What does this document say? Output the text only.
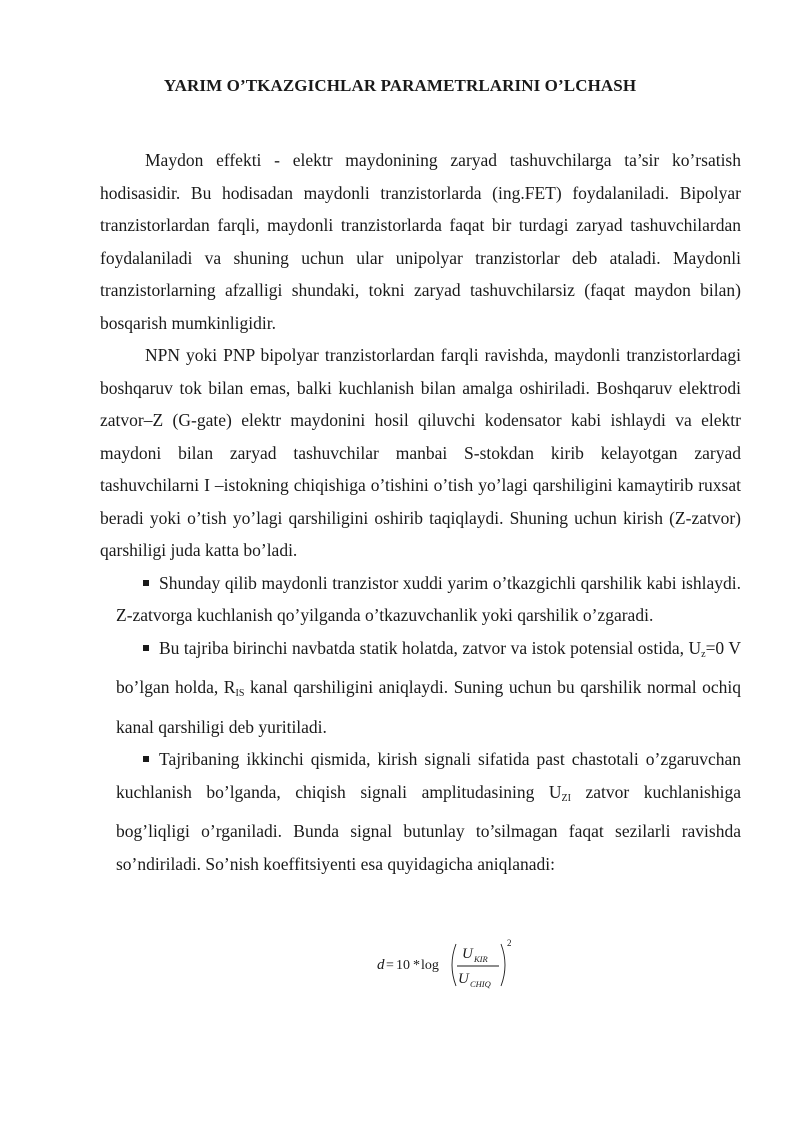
YARIM O’TKAZGICHLAR PARAMETRLARINI O’LCHASH

Maydon effekti - elektr maydonining zaryad tashuvchilarga ta’sir ko’rsatish hodisasidir. Bu hodisadan maydonli tranzistorlarda (ing.FET) foydalaniladi. Bipolyar tranzistorlardan farqli, maydonli tranzistorlarda faqat bir turdagi zaryad tashuvchilardan foydalaniladi va shuning uchun ular unipolyar tranzistorlar deb ataladi. Maydonli tranzistorlarning afzalligi shundaki, tokni zaryad tashuvchilarsiz (faqat maydon bilan) bosqarish mumkinligidir.

NPN yoki PNP bipolyar tranzistorlardan farqli ravishda, maydonli tranzistorlardagi boshqaruv tok bilan emas, balki kuchlanish bilan amalga oshiriladi. Boshqaruv elektrodi zatvor–Z (G-gate) elektr maydonini hosil qiluvchi kodensator kabi ishlaydi va elektr maydoni bilan zaryad tashuvchilar manbai S-stokdan kirib kelayotgan zaryad tashuvchilarni I –istokning chiqishiga o’tishini o’tish yo’lagi qarshiligini kamaytirib ruxsat beradi yoki o’tish yo’lagi qarshiligini oshirib taqiqlaydi. Shuning uchun kirish (Z-zatvor) qarshiligi juda katta bo’ladi.

Shunday qilib maydonli tranzistor xuddi yarim o’tkazgichli qarshilik kabi ishlaydi. Z-zatvorga kuchlanish qo’yilganda o’tkazuvchanlik yoki qarshilik o’zgaradi.
Bu tajriba birinchi navbatda statik holatda, zatvor va istok potensial ostida, $U_z=0$ V bo’lgan holda, $R_{IS}$ kanal qarshiligini aniqlaydi. Suning uchun bu qarshilik normal ochiq kanal qarshiligi deb yuritiladi.
Tajribaning ikkinchi qismida, kirish signali sifatida past chastotali o’zgaruvchan kuchlanish bo’lganda, chiqish signali amplitudasining $U_{ZI}$ zatvor kuchlanishiga bog’liqligi o’rganiladi. Bunda signal butunlay to’silmagan faqat sezilarli ravishda so’ndiriladi. So’nish koeffitsiyenti esa quyidagicha aniqlanadi:
d = 10 * log
U KIR
U CHIQ
2
